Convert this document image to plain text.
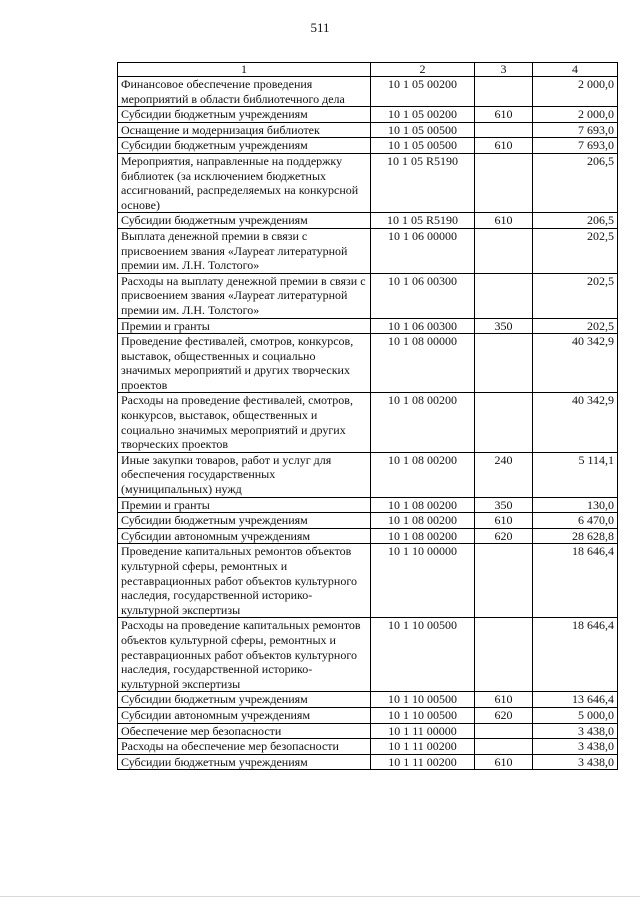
511
1	2	3	4
Финансовое обеспечение проведения мероприятий в области библиотечного дела	10 1 05 00200		2 000,0
Субсидии бюджетным учреждениям	10 1 05 00200	610	2 000,0
Оснащение и модернизация библиотек	10 1 05 00500		7 693,0
Субсидии бюджетным учреждениям	10 1 05 00500	610	7 693,0
Мероприятия, направленные на поддержку библиотек (за исключением бюджетных ассигнований, распределяемых на конкурсной основе)	10 1 05 R5190		206,5
Субсидии бюджетным учреждениям	10 1 05 R5190	610	206,5
Выплата денежной премии в связи с присвоением звания «Лауреат литературной премии им. Л.Н. Толстого»	10 1 06 00000		202,5
Расходы на выплату денежной премии в связи с присвоением звания «Лауреат литературной премии им. Л.Н. Толстого»	10 1 06 00300		202,5
Премии и гранты	10 1 06 00300	350	202,5
Проведение фестивалей, смотров, конкурсов, выставок, общественных и социально значимых мероприятий и других творческих проектов	10 1 08 00000		40 342,9
Расходы на проведение фестивалей, смотров, конкурсов, выставок, общественных и социально значимых мероприятий и других творческих проектов	10 1 08 00200		40 342,9
Иные закупки товаров, работ и услуг для обеспечения государственных (муниципальных) нужд	10 1 08 00200	240	5 114,1
Премии и гранты	10 1 08 00200	350	130,0
Субсидии бюджетным учреждениям	10 1 08 00200	610	6 470,0
Субсидии автономным учреждениям	10 1 08 00200	620	28 628,8
Проведение капитальных ремонтов объектов культурной сферы, ремонтных и реставрационных работ объектов культурного наследия, государственной историко-культурной экспертизы	10 1 10 00000		18 646,4
Расходы на проведение капитальных ремонтов объектов культурной сферы, ремонтных и реставрационных работ объектов культурного наследия, государственной историко-культурной экспертизы	10 1 10 00500		18 646,4
Субсидии бюджетным учреждениям	10 1 10 00500	610	13 646,4
Субсидии автономным учреждениям	10 1 10 00500	620	5 000,0
Обеспечение мер безопасности	10 1 11 00000		3 438,0
Расходы на обеспечение мер безопасности	10 1 11 00200		3 438,0
Субсидии бюджетным учреждениям	10 1 11 00200	610	3 438,0
